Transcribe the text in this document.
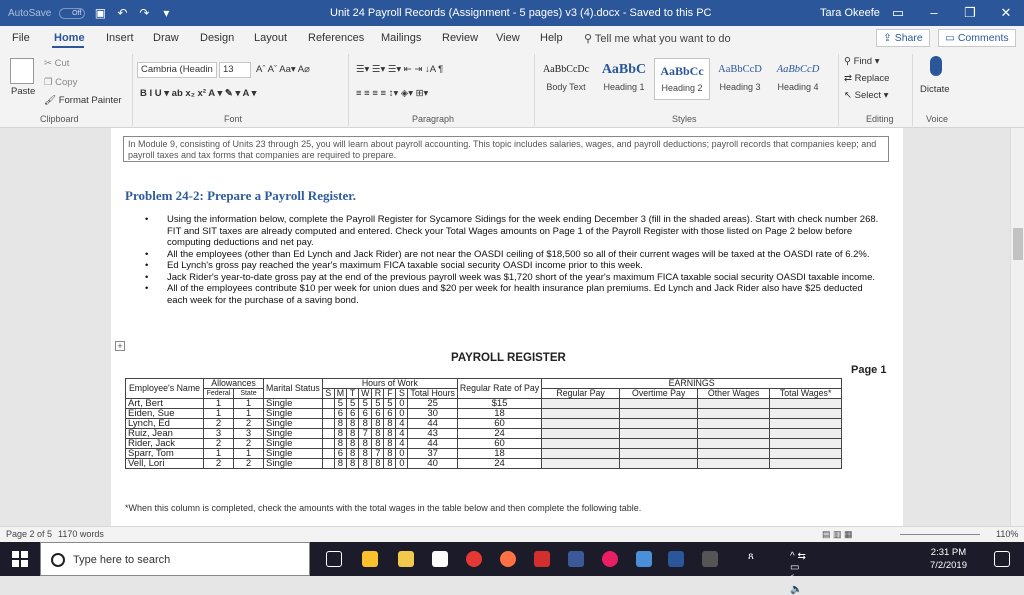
AutoSave	Off	▣ ↶ ↷	▾	Unit 24 Payroll Records (Assignment - 5 pages) v3 (4).docx - Saved to this PC	Tara Okeefe ▭	–	❐	✕
File Home Insert Draw Design Layout References Mailings Review View Help ⚲ Tell me what you want to do	⇪ Share	▭ Comments
Paste
✂ Cut
❐ Copy
🖌 Format Painter
Clipboard
Cambria (Headin	13	Aˆ Aˇ Aa▾ A⌀
B I U ▾ ab x₂ x² A ▾ ✎ ▾ A ▾
Font
☰▾ ☰▾ ☰▾ ⇤ ⇥ ↓A ¶
≡ ≡ ≡ ≡ ↕▾ ◈▾ ⊞▾
Paragraph
AaBbCcDc
Body Text
AaBbC
Heading 1
AaBbCc
Heading 2
AaBbCcD
Heading 3
AaBbCcD
Heading 4
Styles
⚲ Find ▾
⇄ Replace
↖ Select ▾
Editing
Dictate
Voice
In Module 9, consisting of Units 23 through 25, you will learn about payroll accounting. This topic includes salaries, wages, and payroll deductions; payroll records that companies keep; and payroll taxes and tax forms that companies are required to prepare.
Problem 24-2: Prepare a Payroll Register.
• Using the information below, complete the Payroll Register for Sycamore Sidings for the week ending December 3 (fill in the shaded areas). Start with check number 268. FIT and SIT taxes are already computed and entered. Check your Total Wages amounts on Page 1 of the Payroll Register with those listed on Page 2 below before computing deductions and net pay.
• All the employees (other than Ed Lynch and Jack Rider) are not near the OASDI ceiling of $18,500 so all of their current wages will be taxed at the OASDI rate of 6.2%.
• Ed Lynch's gross pay reached the year's maximum FICA taxable social security OASDI income prior to this week.
• Jack Rider's year-to-date gross pay at the end of the previous payroll week was $1,720 short of the year's maximum FICA taxable social security OASDI taxable income.
• All of the employees contribute $10 per week for union dues and $20 per week for health insurance plan premiums. Ed Lynch and Jack Rider also have $25 deducted each week for the purchase of a saving bond.
+
PAYROLL REGISTER
Page 1
Employee's Name	Allowances		Marital Status	Hours of Work								Regular Rate of Pay	EARNINGS			
	Federal	State		S	M	T	W	R	F	S	Total Hours		Regular Pay	Overtime Pay	Other Wages	Total Wages*

Art, Bert	1	1	Single		5	5	5	5	5	0	25	$15				
Eiden, Sue	1	1	Single		6	6	6	6	6	0	30	18				
Lynch, Ed	2	2	Single		8	8	8	8	8	4	44	60				
Ruiz, Jean	3	3	Single		8	8	7	8	8	4	43	24				
Rider, Jack	2	2	Single		8	8	8	8	8	4	44	60				
Sparr, Tom	1	1	Single		6	8	8	7	8	0	37	18				
Vell, Lori	2	2	Single		8	8	8	8	8	0	40	24				
*When this column is completed, check the amounts with the total wages in the table below and then complete the following table.
Page 2 of 5 1170 words	▤ ▥ ▦	110%
Type here to search	ጸ	^ ⇆ ▭ ◜ 🔈
2:31 PM
7/2/2019
